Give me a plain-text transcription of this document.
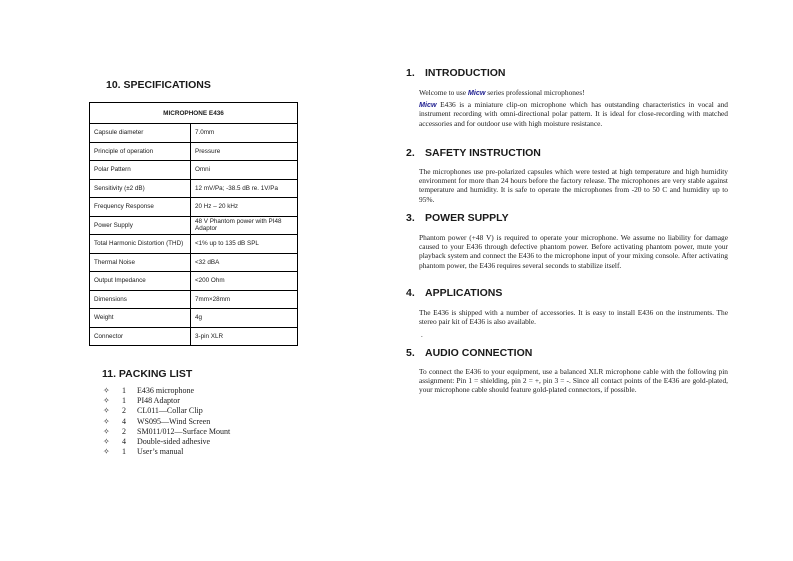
10. SPECIFICATIONS
MICROPHONE E436	
Capsule diameter	7.0mm
Principle of operation	Pressure
Polar Pattern	Omni
Sensitivity (±2 dB)	12 mV/Pa; -38.5 dB re. 1V/Pa
Frequency Response	20 Hz – 20 kHz
Power Supply	48 V Phantom power with PI48 Adaptor
Total Harmonic Distortion (THD)	<1% up to 135 dB SPL
Thermal Noise	<32 dBA
Output Impedance	<200 Ohm
Dimensions	7mm×28mm
Weight	4g
Connector	3-pin XLR
11. PACKING LIST
✧ 1 E436 microphone
✧ 1 PI48 Adaptor
✧ 2 CL011—Collar Clip
✧ 4 WS095—Wind Screen
✧ 2 SM011/012—Surface Mount
✧ 4 Double-sided adhesive
✧ 1 User’s manual
1. INTRODUCTION

Welcome to use Micw series professional microphones!

Micw E436 is a miniature clip-on microphone which has outstanding characteristics in vocal and instrument recording with omni-directional polar pattern. It is ideal for close-recording with matched accessories and for outdoor use with high moisture resistance.

2. SAFETY INSTRUCTION

The microphones use pre-polarized capsules which were tested at high temperature and high humidity environment for more than 24 hours before the factory release. The microphones are very stable against temperature and humidity. It is safe to operate the microphones from -20 to 50 C and humidity up to 95%.

3. POWER SUPPLY

Phantom power (+48 V) is required to operate your microphone. We assume no liability for damage caused to your E436 through defective phantom power. Before activating phantom power, mute your playback system and connect the E436 to the microphone input of your mixing console. After activating phantom power, the E436 requires several seconds to stabilize itself.

4. APPLICATIONS

The E436 is shipped with a number of accessories. It is easy to install E436 on the instruments. The stereo pair kit of E436 is also available.

.
5. AUDIO CONNECTION

To connect the E436 to your equipment, use a balanced XLR microphone cable with the following pin assignment: Pin 1 = shielding, pin 2 = +, pin 3 = -. Since all contact points of the E436 are gold-plated, your microphone cable should feature gold-plated connectors, if possible.
